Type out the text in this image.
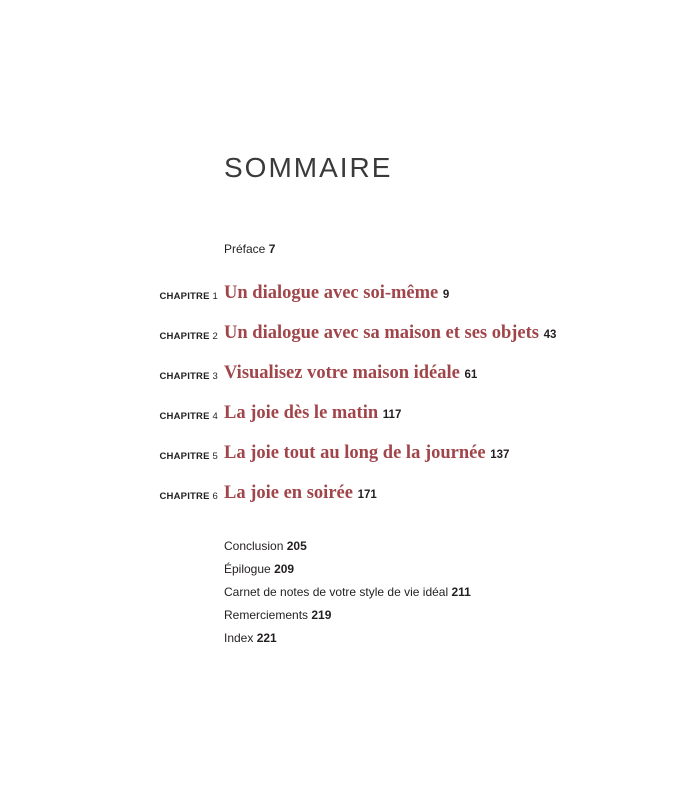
SOMMAIRE
Préface 7
CHAPITRE 1 Un dialogue avec soi-même 9
CHAPITRE 2 Un dialogue avec sa maison et ses objets 43
CHAPITRE 3 Visualisez votre maison idéale 61
CHAPITRE 4 La joie dès le matin 117
CHAPITRE 5 La joie tout au long de la journée 137
CHAPITRE 6 La joie en soirée 171
Conclusion 205
Épilogue 209
Carnet de notes de votre style de vie idéal 211
Remerciements 219
Index 221
